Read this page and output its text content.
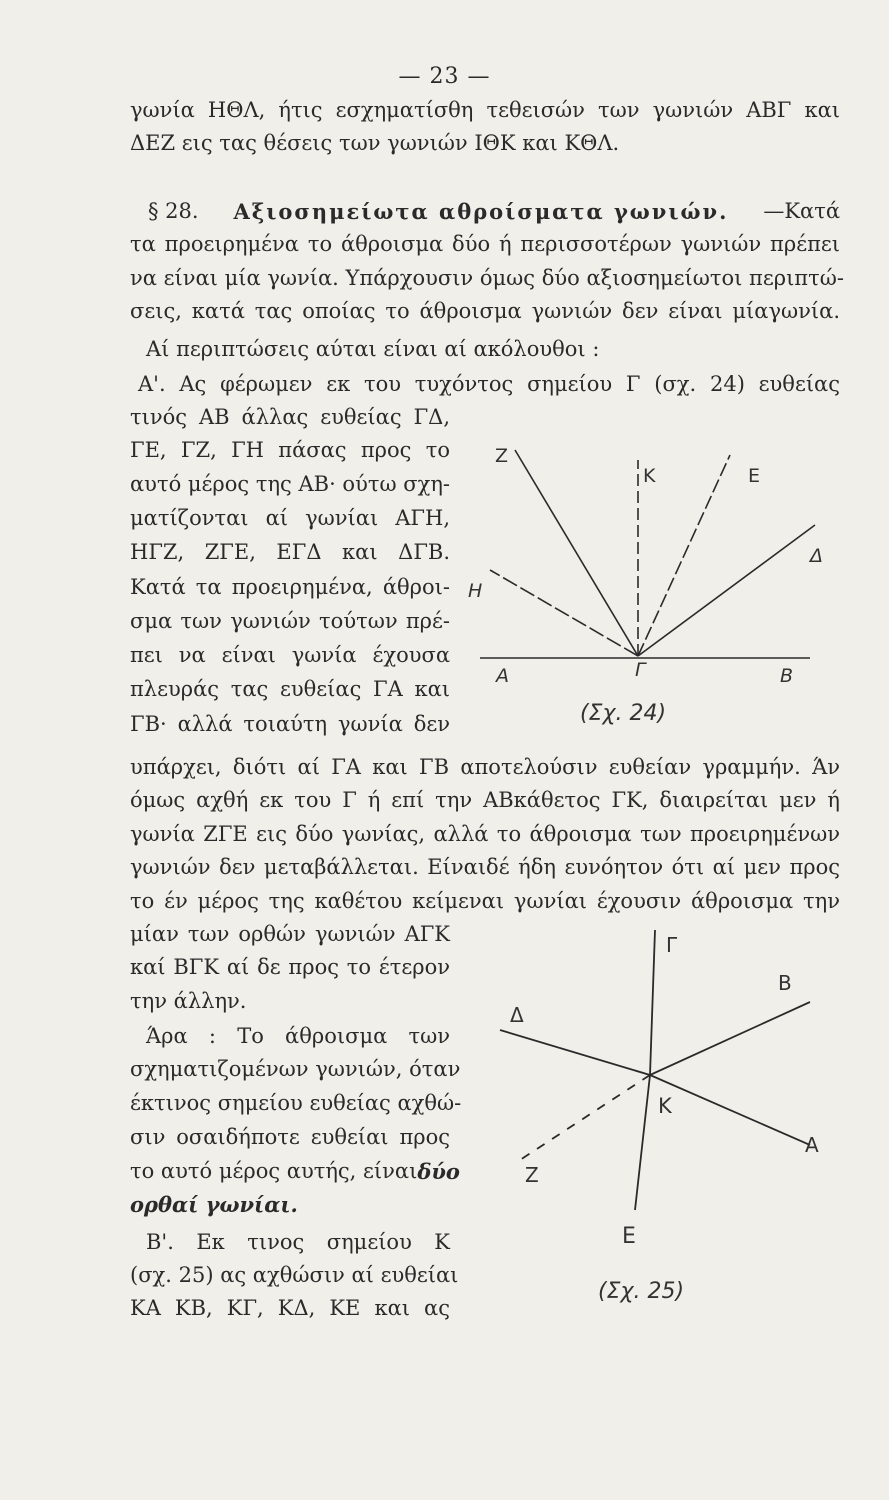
— 23 —
γωνία ΗΘΛ, ήτις εσχηματίσθη τεθεισών των γωνιών ΑΒΓ και
ΔΕΖ εις τας θέσεις των γωνιών ΙΘΚ και ΚΘΛ.
§ 28. Αξιοσημείωτα αθροίσματα γωνιών. —Κατά
τα προειρημένα το άθροισμα δύο ή περισσοτέρων γωνιών πρέπει
να είναι μία γωνία. Υπάρχουσιν όμως δύο αξιοσημείωτοι περιπτώ-
σεις, κατά τας οποίας το άθροισμα γωνιών δεν είναι μίαγωνία.
Αί περιπτώσεις αύται είναι αί ακόλουθοι :
Α'. Ας φέρωμεν εκ του τυχόντος σημείου Γ (σχ. 24) ευθείας
τινός ΑΒ άλλας ευθείας ΓΔ,
ΓΕ, ΓΖ, ΓΗ πάσας προς το
αυτό μέρος της ΑΒ· ούτω σχη-
ματίζονται αί γωνίαι ΑΓΗ,
ΗΓΖ, ΖΓΕ, ΕΓΔ και ΔΓΒ.
Κατά τα προειρημένα, άθροι-
σμα των γωνιών τούτων πρέ-
πει να είναι γωνία έχουσα
πλευράς τας ευθείας ΓΑ και
ΓΒ· αλλά τοιαύτη γωνία δεν
Z
K	E
Δ
H
A	Γ	Β
(Σχ. 24)
υπάρχει, διότι αί ΓΑ και ΓΒ αποτελούσιν ευθείαν γραμμήν. Άν
όμως αχθή εκ του Γ ή επί την ΑΒκάθετος ΓΚ, διαιρείται μεν ή
γωνία ΖΓΕ εις δύο γωνίας, αλλά το άθροισμα των προειρημένων
γωνιών δεν μεταβάλλεται. Είναιδέ ήδη ευνόητον ότι αί μεν προς
το έν μέρος της καθέτου κείμεναι γωνίαι έχουσιν άθροισμα την
μίαν των ορθών γωνιών ΑΓΚ
καί ΒΓΚ αί δε προς το έτερον
την άλλην.
Άρα : Το άθροισμα των
σχηματιζομένων γωνιών, όταν
έκτινος σημείου ευθείας αχθώ-
σιν οσαιδήποτε ευθείαι προς
το αυτό μέρος αυτής, είναι δύο
ορθαί γωνίαι.
Β'. Εκ τινος σημείου Κ
(σχ. 25) ας αχθώσιν αί ευθείαι
ΚΑ ΚΒ, ΚΓ, ΚΔ, ΚΕ και ας
Γ
B
Δ
K
A
Z
E
(Σχ. 25)
